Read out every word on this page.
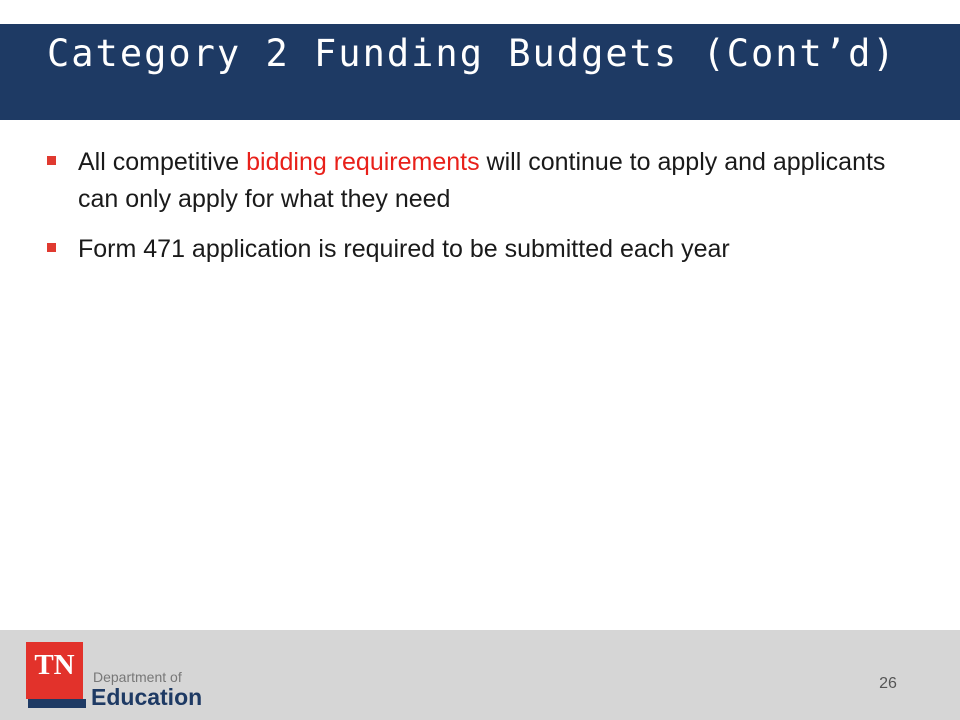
Category 2 Funding Budgets (Cont’d)
All competitive bidding requirements will continue to apply and applicants can only apply for what they need
Form 471 application is required to be submitted each year
TN	Department of
Education
26
